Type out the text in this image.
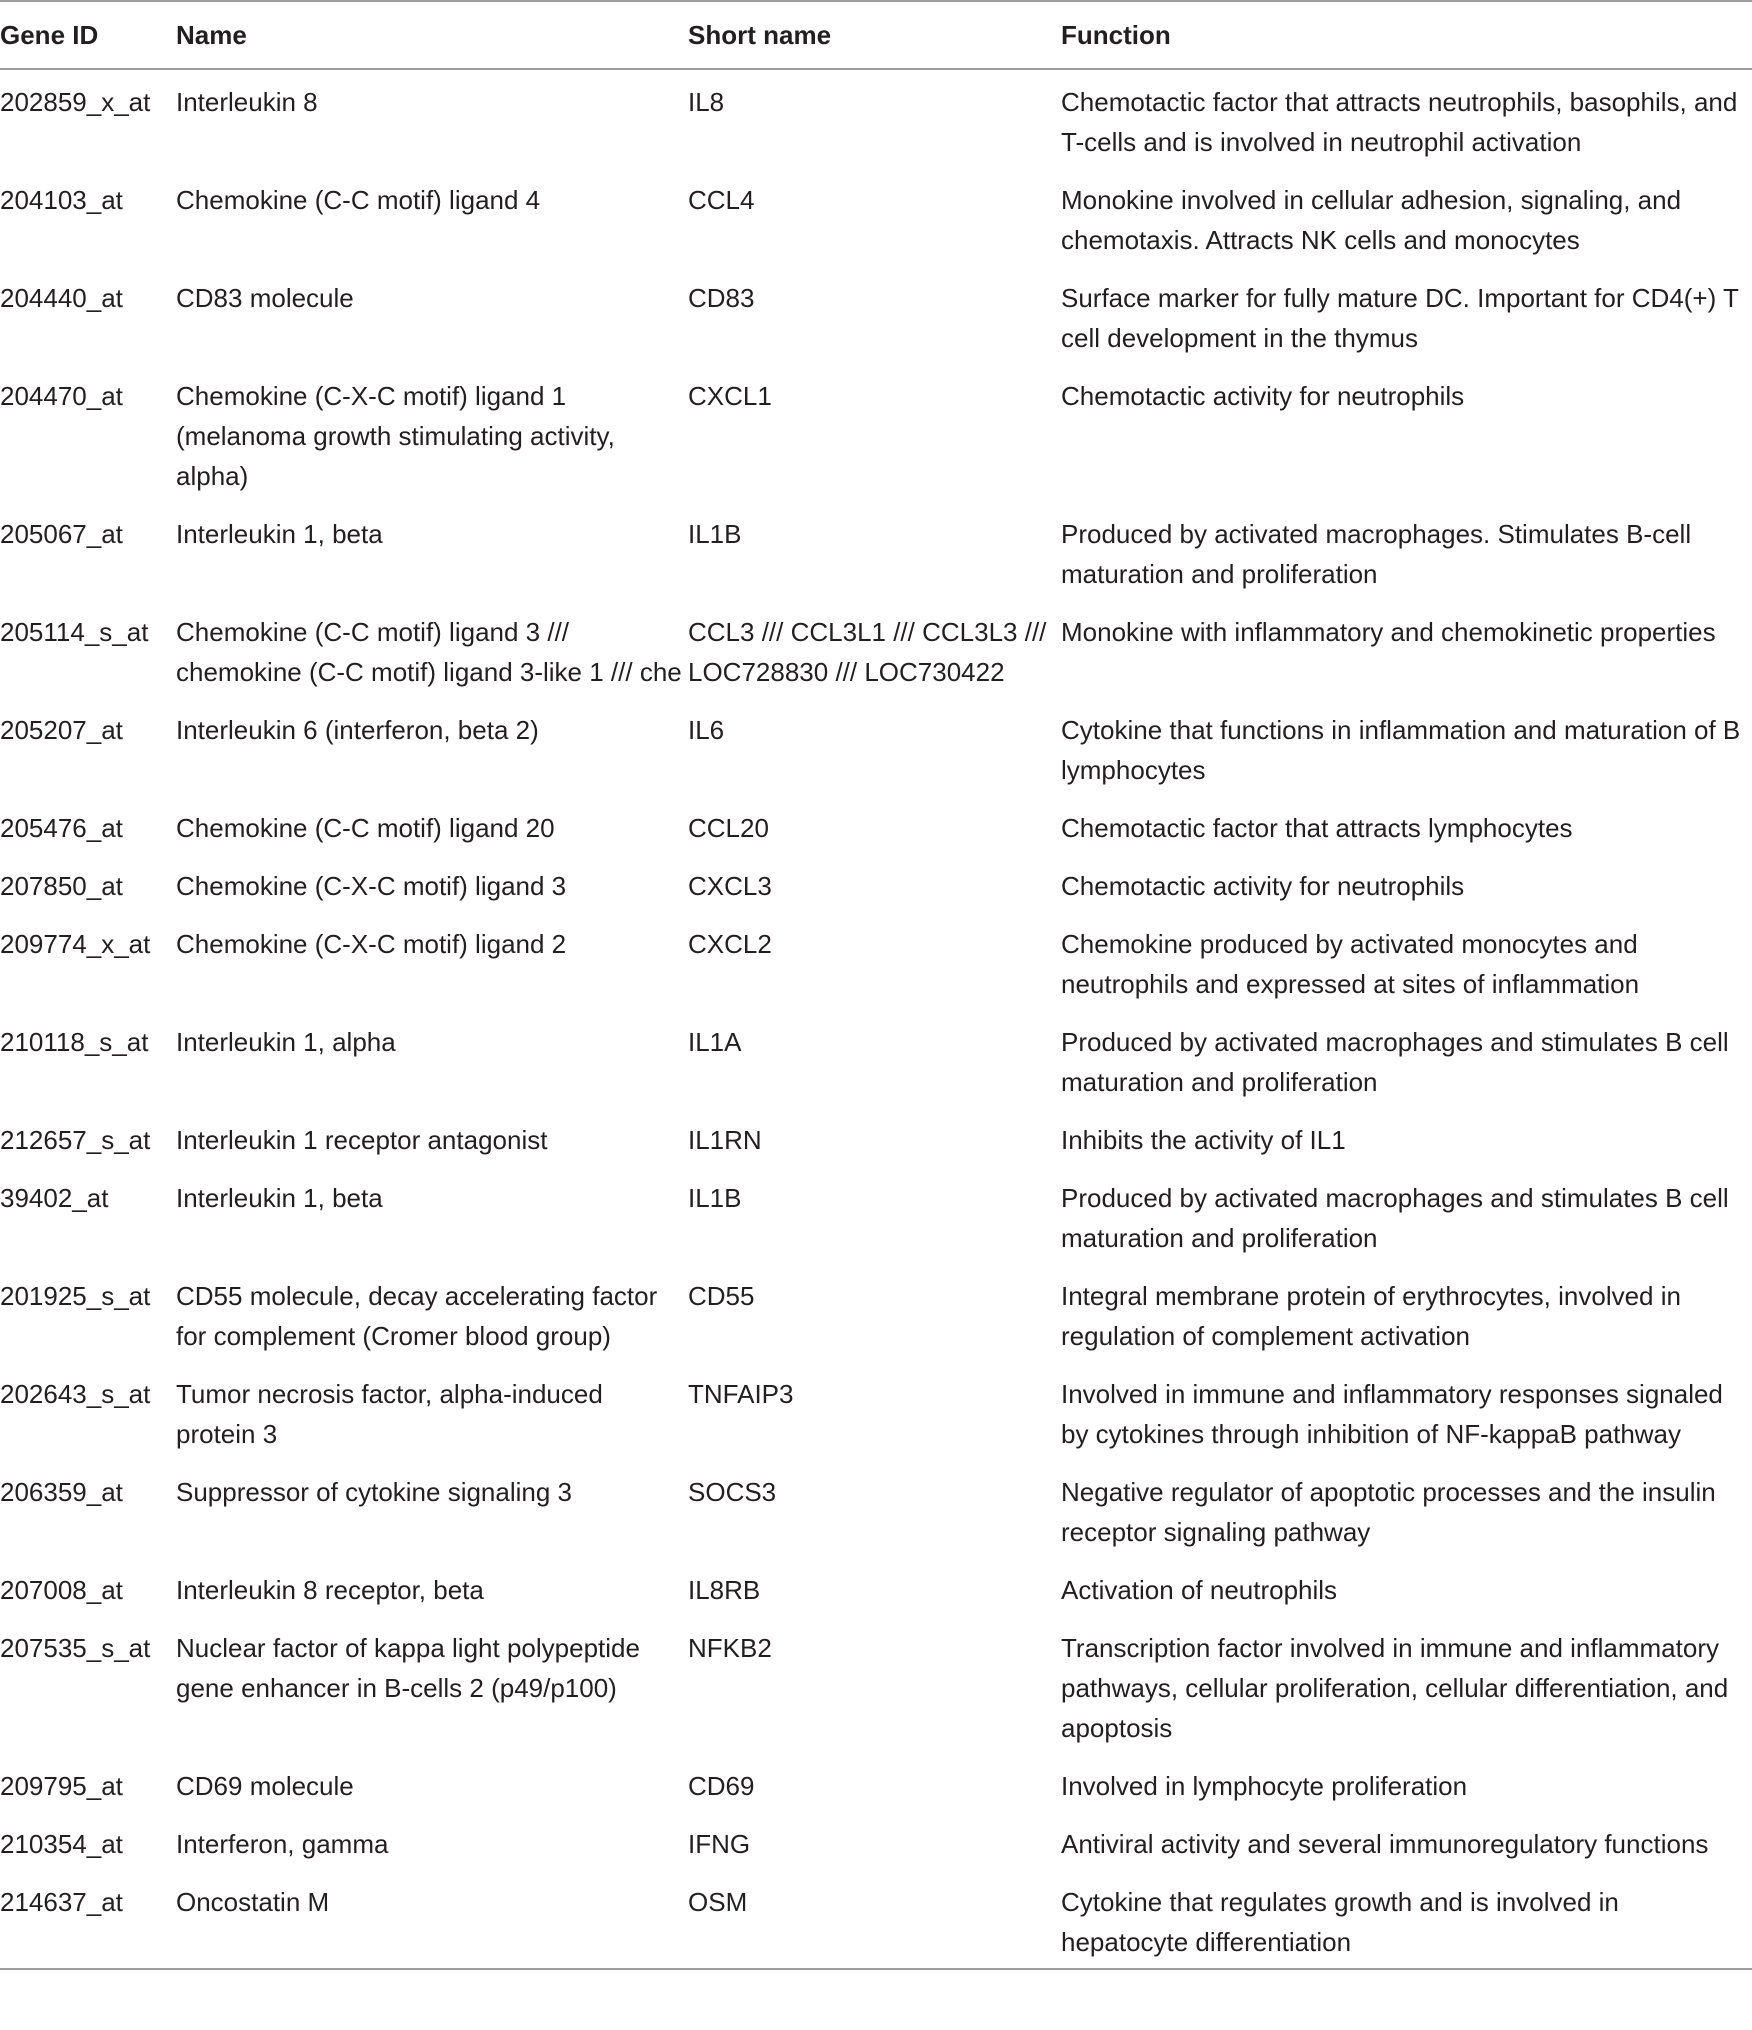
Gene ID	Name	Short name	Function
202859_x_at	Interleukin 8	IL8	Chemotactic factor that attracts neutrophils, basophils, and T-cells and is involved in neutrophil activation
204103_at	Chemokine (C-C motif) ligand 4	CCL4	Monokine involved in cellular adhesion, signaling, and chemotaxis. Attracts NK cells and monocytes
204440_at	CD83 molecule	CD83	Surface marker for fully mature DC. Important for CD4(+) T cell development in the thymus
204470_at	Chemokine (C-X-C motif) ligand 1 (melanoma growth stimulating activity, alpha)	CXCL1	Chemotactic activity for neutrophils
205067_at	Interleukin 1, beta	IL1B	Produced by activated macrophages. Stimulates B-cell maturation and proliferation
205114_s_at	Chemokine (C-C motif) ligand 3 /// chemokine (C-C motif) ligand 3-like 1 /// che	CCL3 /// CCL3L1 /// CCL3L3 /// LOC728830 /// LOC730422	Monokine with inflammatory and chemokinetic properties
205207_at	Interleukin 6 (interferon, beta 2)	IL6	Cytokine that functions in inflammation and maturation of B lymphocytes
205476_at	Chemokine (C-C motif) ligand 20	CCL20	Chemotactic factor that attracts lymphocytes
207850_at	Chemokine (C-X-C motif) ligand 3	CXCL3	Chemotactic activity for neutrophils
209774_x_at	Chemokine (C-X-C motif) ligand 2	CXCL2	Chemokine produced by activated monocytes and neutrophils and expressed at sites of inflammation
210118_s_at	Interleukin 1, alpha	IL1A	Produced by activated macrophages and stimulates B cell maturation and proliferation
212657_s_at	Interleukin 1 receptor antagonist	IL1RN	Inhibits the activity of IL1
39402_at	Interleukin 1, beta	IL1B	Produced by activated macrophages and stimulates B cell maturation and proliferation
201925_s_at	CD55 molecule, decay accelerating factor for complement (Cromer blood group)	CD55	Integral membrane protein of erythrocytes, involved in regulation of complement activation
202643_s_at	Tumor necrosis factor, alpha-induced protein 3	TNFAIP3	Involved in immune and inflammatory responses signaled by cytokines through inhibition of NF-kappaB pathway
206359_at	Suppressor of cytokine signaling 3	SOCS3	Negative regulator of apoptotic processes and the insulin receptor signaling pathway
207008_at	Interleukin 8 receptor, beta	IL8RB	Activation of neutrophils
207535_s_at	Nuclear factor of kappa light polypeptide gene enhancer in B-cells 2 (p49/p100)	NFKB2	Transcription factor involved in immune and inflammatory pathways, cellular proliferation, cellular differentiation, and apoptosis
209795_at	CD69 molecule	CD69	Involved in lymphocyte proliferation
210354_at	Interferon, gamma	IFNG	Antiviral activity and several immunoregulatory functions
214637_at	Oncostatin M	OSM	Cytokine that regulates growth and is involved in hepatocyte differentiation
